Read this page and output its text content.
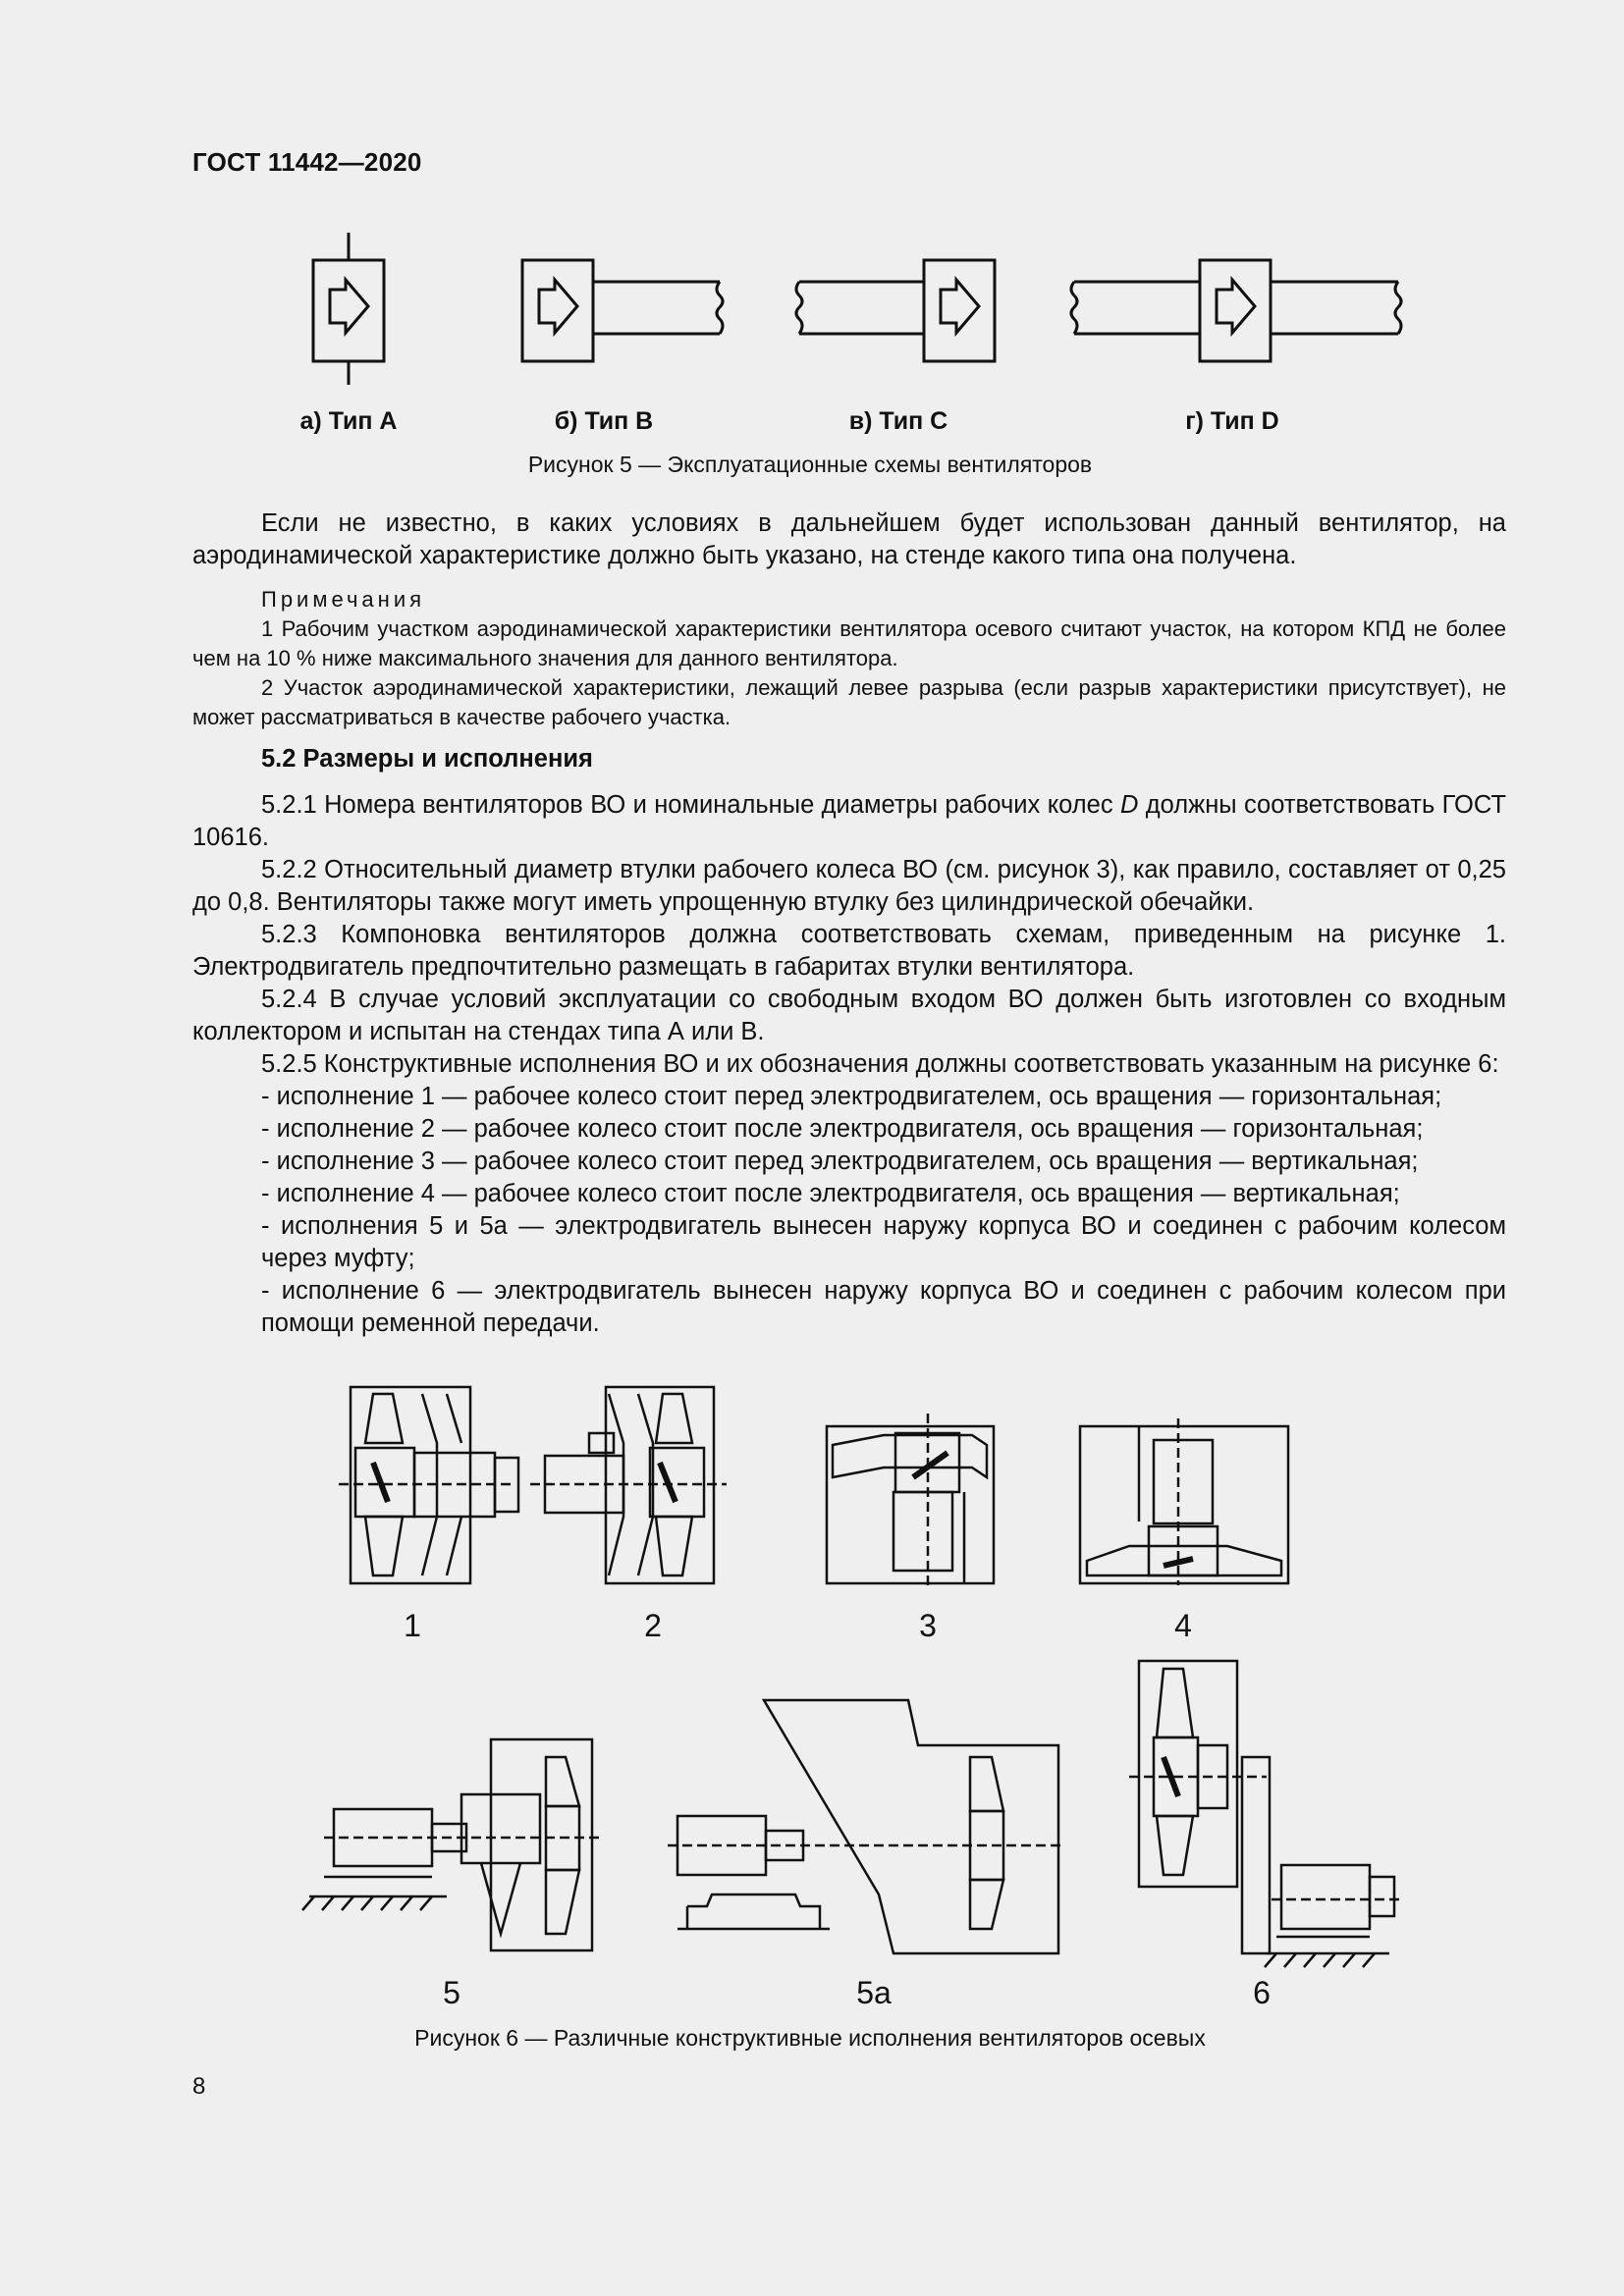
ГОСТ 11442—2020
а) Тип А	б) Тип В	в) Тип С	г) Тип D
Рисунок 5 — Эксплуатационные схемы вентиляторов

Если не известно, в каких условиях в дальнейшем будет использован данный вентилятор, на аэродинамической характеристике должно быть указано, на стенде какого типа она получена.

Примечания

1 Рабочим участком аэродинамической характеристики вентилятора осевого считают участок, на котором КПД не более чем на 10 % ниже максимального значения для данного вентилятора.

2 Участок аэродинамической характеристики, лежащий левее разрыва (если разрыв характеристики присутствует), не может рассматриваться в качестве рабочего участка.

5.2 Размеры и исполнения

5.2.1 Номера вентиляторов ВО и номинальные диаметры рабочих колес D должны соответствовать ГОСТ 10616.

5.2.2 Относительный диаметр втулки рабочего колеса ВО (см. рисунок 3), как правило, составляет от 0,25 до 0,8. Вентиляторы также могут иметь упрощенную втулку без цилиндрической обечайки.

5.2.3 Компоновка вентиляторов должна соответствовать схемам, приведенным на рисунке 1. Электродвигатель предпочтительно размещать в габаритах втулки вентилятора.

5.2.4 В случае условий эксплуатации со свободным входом ВО должен быть изготовлен со входным коллектором и испытан на стендах типа А или В.

5.2.5 Конструктивные исполнения ВО и их обозначения должны соответствовать указанным на рисунке 6:

- исполнение 1 — рабочее колесо стоит перед электродвигателем, ось вращения — горизонтальная;

- исполнение 2 — рабочее колесо стоит после электродвигателя, ось вращения — горизонтальная;

- исполнение 3 — рабочее колесо стоит перед электродвигателем, ось вращения — вертикальная;

- исполнение 4 — рабочее колесо стоит после электродвигателя, ось вращения — вертикальная;

- исполнения 5 и 5а — электродвигатель вынесен наружу корпуса ВО и соединен с рабочим колесом через муфту;

- исполнение 6 — электродвигатель вынесен наружу корпуса ВО и соединен с рабочим колесом при помощи ременной передачи.

1	2	3	4
5	5а	6
Рисунок 6 — Различные конструктивные исполнения вентиляторов осевых
8
